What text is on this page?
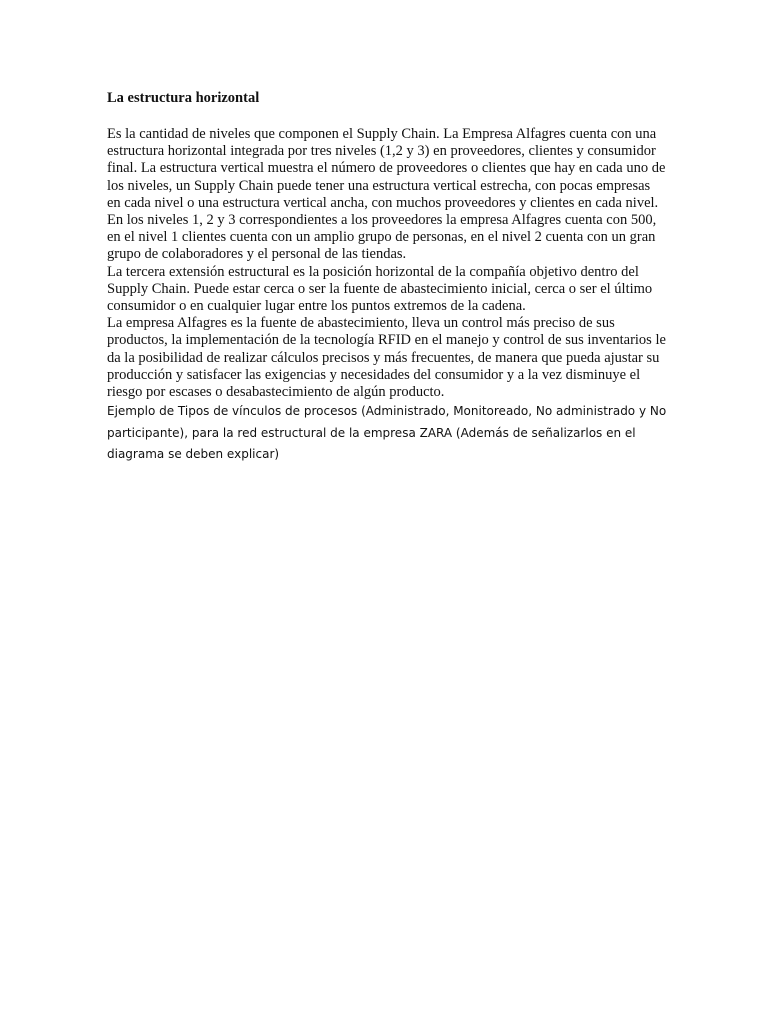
La estructura horizontal

Es la cantidad de niveles que componen el Supply Chain. La Empresa Alfagres cuenta con una estructura horizontal integrada por tres niveles (1,2 y 3) en proveedores, clientes y consumidor final. La estructura vertical muestra el número de proveedores o clientes que hay en cada uno de los niveles, un Supply Chain puede tener una estructura vertical estrecha, con pocas empresas en cada nivel o una estructura vertical ancha, con muchos proveedores y clientes en cada nivel. En los niveles 1, 2 y 3 correspondientes a los proveedores la empresa Alfagres cuenta con 500, en el nivel 1 clientes cuenta con un amplio grupo de personas, en el nivel 2 cuenta con un gran grupo de colaboradores y el personal de las tiendas.

La tercera extensión estructural es la posición horizontal de la compañía objetivo dentro del Supply Chain. Puede estar cerca o ser la fuente de abastecimiento inicial, cerca o ser el último consumidor o en cualquier lugar entre los puntos extremos de la cadena.

La empresa Alfagres es la fuente de abastecimiento, lleva un control más preciso de sus productos, la implementación de la tecnología RFID en el manejo y control de sus inventarios le da la posibilidad de realizar cálculos precisos y más frecuentes, de manera que pueda ajustar su producción y satisfacer las exigencias y necesidades del consumidor y a la vez disminuye el riesgo por escases o desabastecimiento de algún producto.

Ejemplo de Tipos de vínculos de procesos (Administrado, Monitoreado, No administrado y No participante), para la red estructural de la empresa ZARA (Además de señalizarlos en el diagrama se deben explicar)
